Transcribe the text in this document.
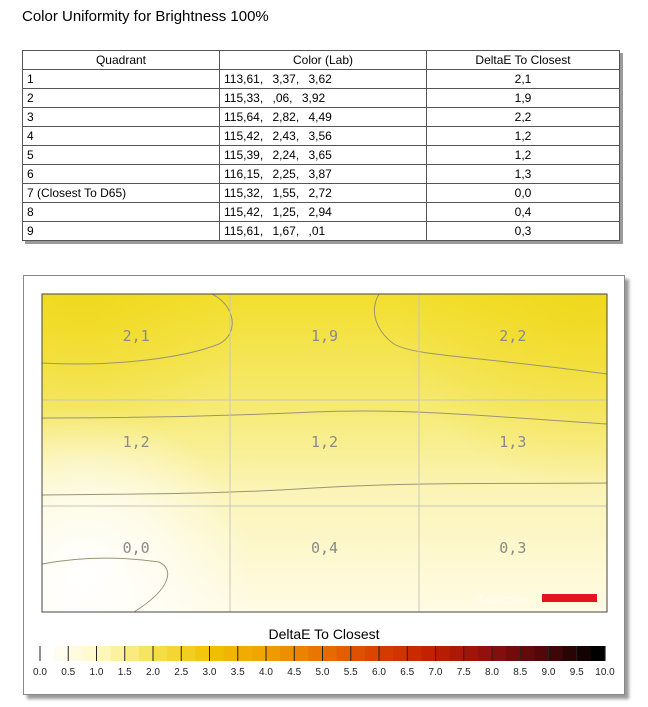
Color Uniformity for Brightness 100%
Quadrant	Color (Lab)	DeltaE To Closest
1	113,61, 3,37, 3,62	2,1
2	115,33, ,06, 3,92	1,9
3	115,64, 2,82, 4,49	2,2
4	115,42, 2,43, 3,56	1,2
5	115,39, 2,24, 3,65	1,2
6	116,15, 2,25, 3,87	1,3
7 (Closest To D65)	115,32, 1,55, 2,72	0,0
8	115,42, 1,25, 2,94	0,4
9	115,61, 1,67, ,01	0,3
2,1	1,9	2,2
1,2	1,2	1,3
0,0	0,4	0,3
datacolor
0.0 0.5 1.0 1.5 2.0 2.5 3.0 3.5 4.0 4.5 5.0 5.5 6.0 6.5 7.0 7.5 8.0 8.5 9.0 9.5 10.0
DeltaE To Closest
